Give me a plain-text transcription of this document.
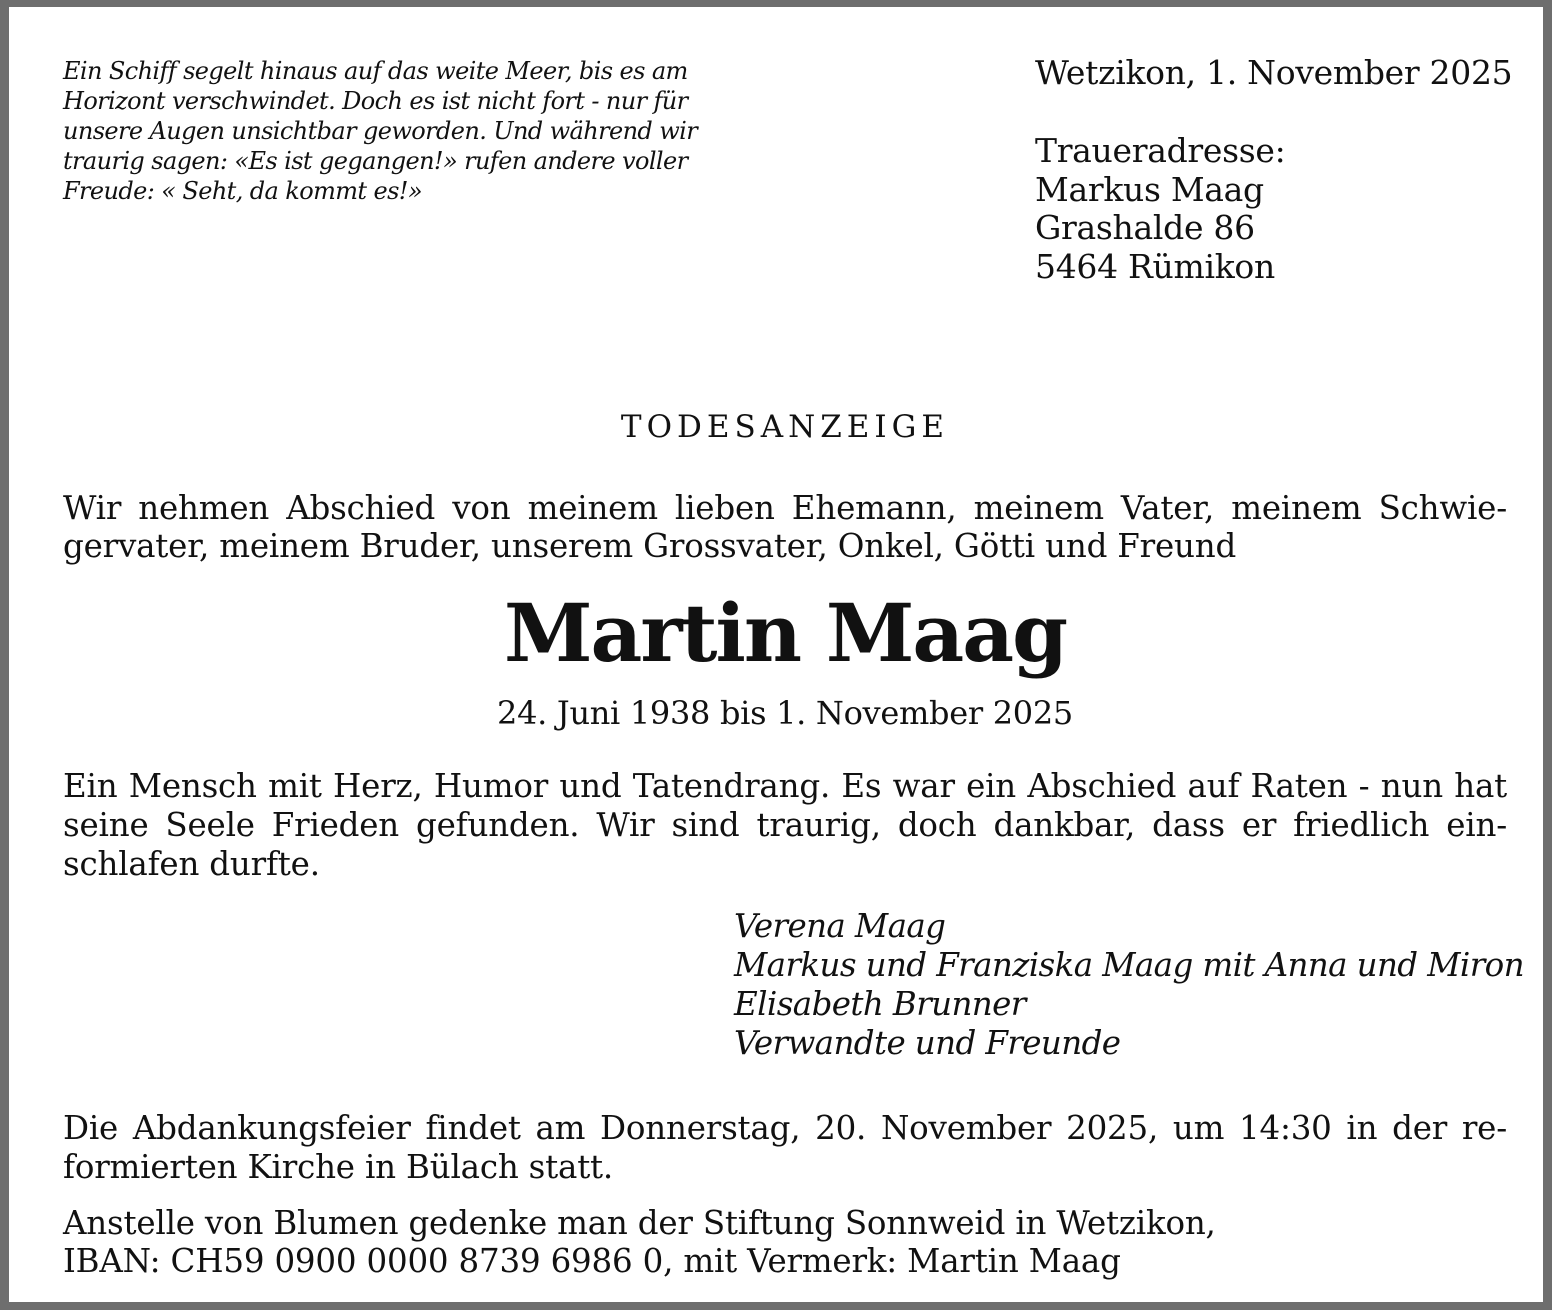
Ein Schiff segelt hinaus auf das weite Meer, bis es am
Horizont verschwindet. Doch es ist nicht fort - nur für
unsere Augen unsichtbar geworden. Und während wir
traurig sagen: «Es ist gegangen!» rufen andere voller
Freude: « Seht, da kommt es!»
Wetzikon, 1. November 2025
Traueradresse:
Markus Maag
Grashalde 86
5464 Rümikon
TODESANZEIGE
Wir nehmen Abschied von meinem lieben Ehemann, meinem Vater, meinem Schwie-
gervater, meinem Bruder, unserem Grossvater, Onkel, Götti und Freund
Martin Maag
24. Juni 1938 bis 1. November 2025
Ein Mensch mit Herz, Humor und Tatendrang. Es war ein Abschied auf Raten - nun hat
seine Seele Frieden gefunden. Wir sind traurig, doch dankbar, dass er friedlich ein-
schlafen durfte.
Verena Maag
Markus und Franziska Maag mit Anna und Miron
Elisabeth Brunner
Verwandte und Freunde
Die Abdankungsfeier findet am Donnerstag, 20. November 2025, um 14:30 in der re-
formierten Kirche in Bülach statt.
Anstelle von Blumen gedenke man der Stiftung Sonnweid in Wetzikon,
IBAN: CH59 0900 0000 8739 6986 0, mit Vermerk: Martin Maag
